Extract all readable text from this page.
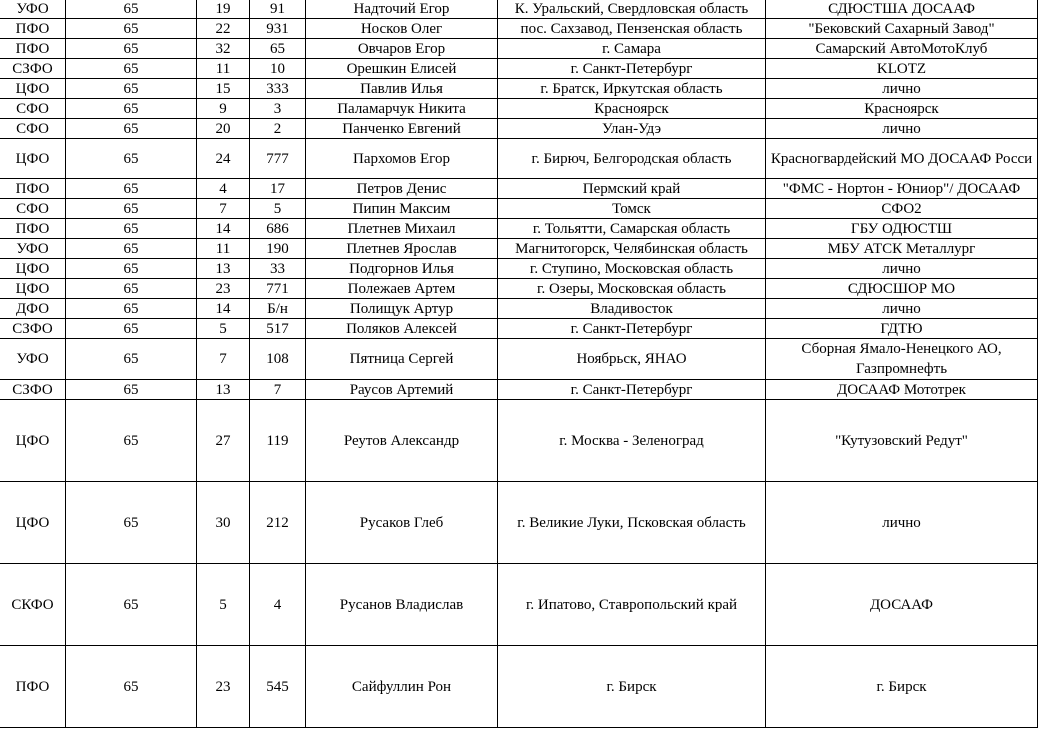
УФО	65	19	91	Надточий Егор	К. Уральский, Свердловская область	СДЮСТША ДОСААФ
ПФО	65	22	931	Носков Олег	пос. Сахзавод, Пензенская область	"Бековский Сахарный Завод"
ПФО	65	32	65	Овчаров Егор	г. Самара	Самарский АвтоМотоКлуб
СЗФО	65	11	10	Орешкин Елисей	г. Санкт-Петербург	KLOTZ
ЦФО	65	15	333	Павлив Илья	г. Братск, Иркутская область	лично
СФО	65	9	3	Паламарчук Никита	Красноярск	Красноярск
СФО	65	20	2	Панченко Евгений	Улан-Удэ	лично
ЦФО	65	24	777	Пархомов Егор	г. Бирюч, Белгородская область	Красногвардейский МО ДОСААФ Росси
ПФО	65	4	17	Петров Денис	Пермский край	"ФМС - Нортон - Юниор"/ ДОСААФ
СФО	65	7	5	Пипин Максим	Томск	СФО2
ПФО	65	14	686	Плетнев Михаил	г. Тольятти, Самарская область	ГБУ ОДЮСТШ
УФО	65	11	190	Плетнев Ярослав	Магнитогорск, Челябинская область	МБУ АТСК Металлург
ЦФО	65	13	33	Подгорнов Илья	г. Ступино, Московская область	лично
ЦФО	65	23	771	Полежаев Артем	г. Озеры, Московская область	СДЮСШОР МО
ДФО	65	14	Б/н	Полищук Артур	Владивосток	лично
СЗФО	65	5	517	Поляков Алексей	г. Санкт-Петербург	ГДТЮ
УФО	65	7	108	Пятница Сергей	Ноябрьск, ЯНАО	Сборная Ямало-Ненецкого АО, Газпромнефть
СЗФО	65	13	7	Раусов Артемий	г. Санкт-Петербург	ДОСААФ Мототрек
ЦФО	65	27	119	Реутов Александр	г. Москва - Зеленоград	"Кутузовский Редут"
ЦФО	65	30	212	Русаков Глеб	г. Великие Луки, Псковская область	лично
СКФО	65	5	4	Русанов Владислав	г. Ипатово, Ставропольский край	ДОСААФ
ПФО	65	23	545	Сайфуллин Рон	г. Бирск	г. Бирск
